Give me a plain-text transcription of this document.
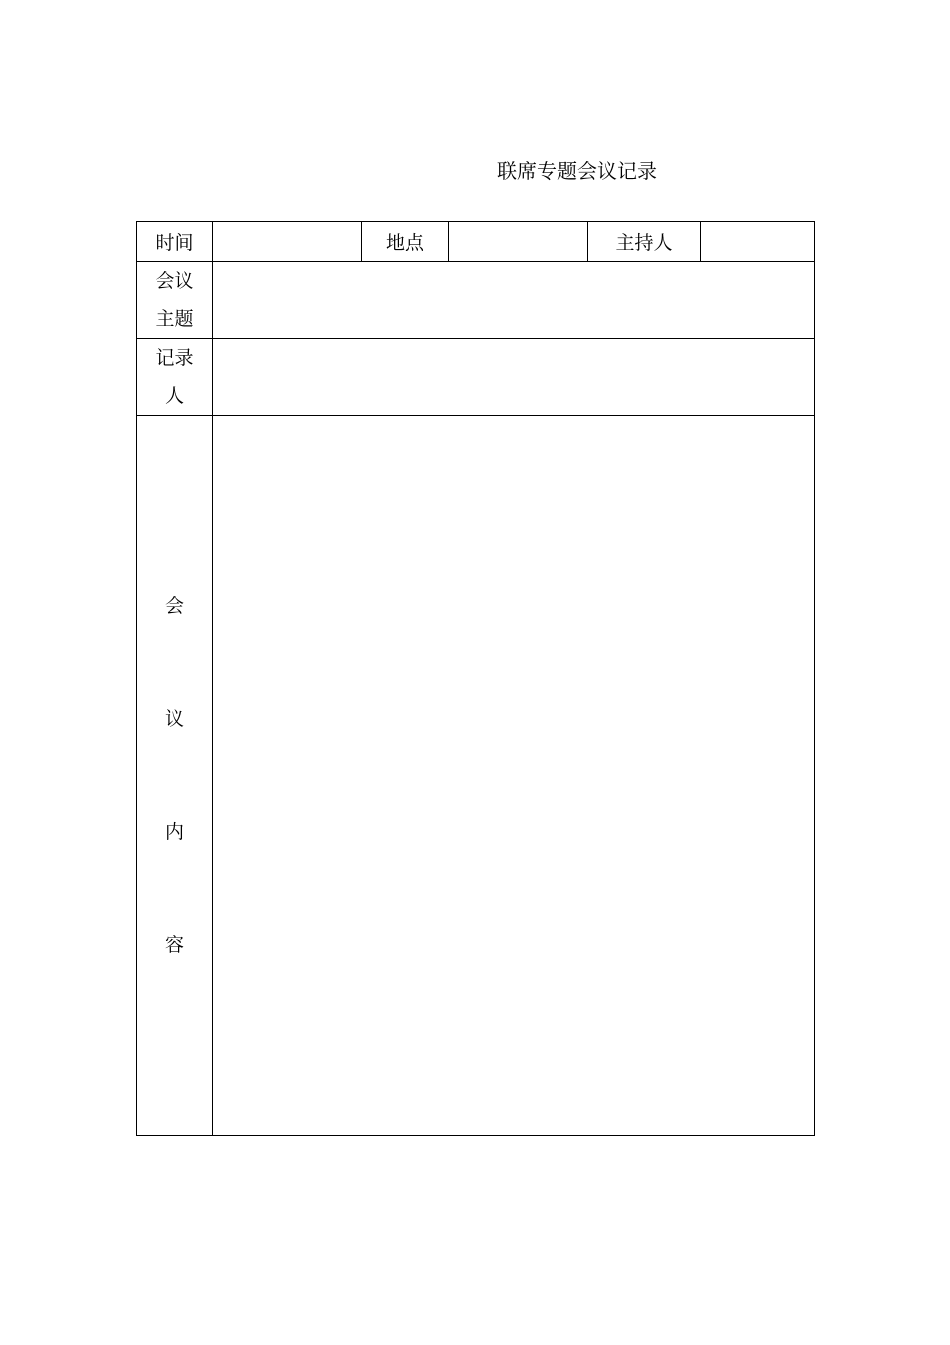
联席专题会议记录
时间		地点		主持人	
会议主题					
记录人					

会
议
内
容					
